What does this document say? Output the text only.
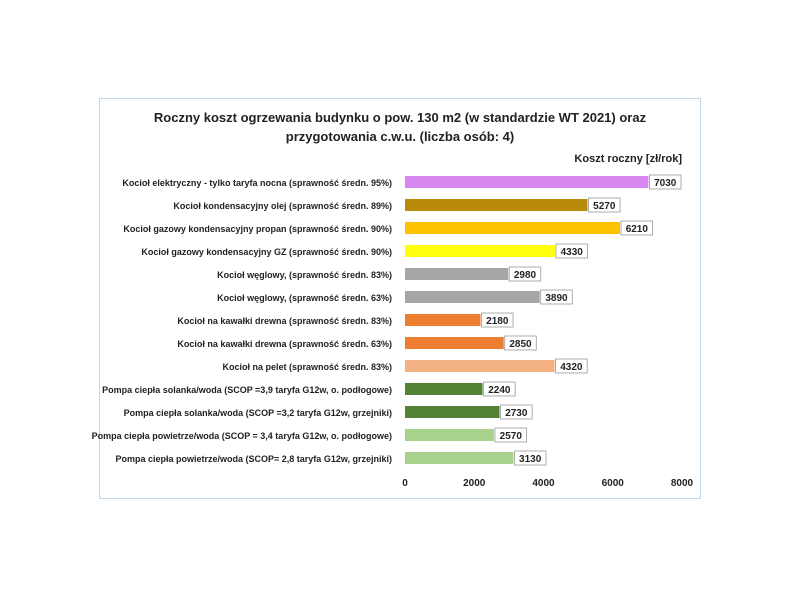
Roczny koszt ogrzewania budynku o pow. 130 m2 (w standardzie WT 2021) oraz
przygotowania c.w.u. (liczba osób: 4)
Koszt roczny [zł/rok]
Kocioł elektryczny - tylko taryfa nocna (sprawność średn. 95%)	7030
Kocioł kondensacyjny olej (sprawność średn. 89%)	5270
Kocioł gazowy kondensacyjny propan (sprawność średn. 90%)	6210
Kocioł gazowy kondensacyjny GZ (sprawność średn. 90%)	4330
Kocioł węglowy, (sprawność średn. 83%)	2980
Kocioł węglowy, (sprawność średn. 63%)	3890
Kocioł na kawałki drewna (sprawność średn. 83%)	2180
Kocioł na kawałki drewna (sprawność średn. 63%)	2850
Kocioł na pelet (sprawność średn. 83%)	4320
Pompa ciepła solanka/woda (SCOP =3,9 taryfa G12w, o. podłogowe)	2240
Pompa ciepła solanka/woda (SCOP =3,2 taryfa G12w, grzejniki)	2730
Pompa ciepła powietrze/woda (SCOP = 3,4 taryfa G12w, o. podłogowe)	2570
Pompa ciepła powietrze/woda (SCOP= 2,8 taryfa G12w, grzejniki)	3130
0	2000	4000	6000	8000
